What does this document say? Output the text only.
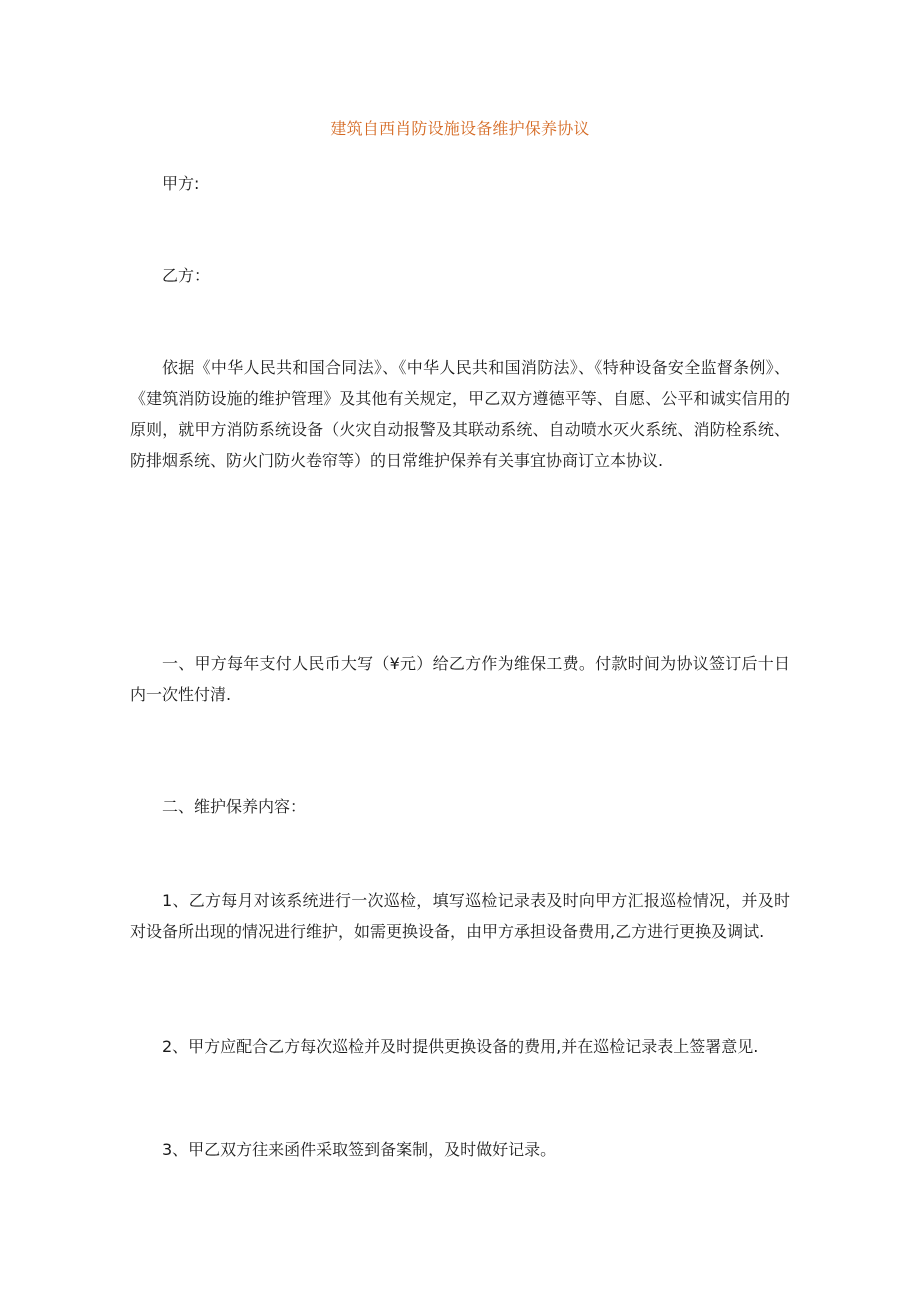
建筑自西肖防设施设备维护保养协议

甲方:

乙方：

依据《中华人民共和国合同法》、《中华人民共和国消防法》、《特种设备安全监督条例》、《建筑消防设施的维护管理》及其他有关规定，甲乙双方遵德平等、自愿、公平和诚实信用的原则，就甲方消防系统设备（火灾自动报警及其联动系统、自动喷水灭火系统、消防栓系统、防排烟系统、防火门防火卷帘等）的日常维护保养有关事宜协商订立本协议.

一、甲方每年支付人民币大写（¥元）给乙方作为维保工费。付款时间为协议签订后十日内一次性付清.

二、维护保养内容：

1、乙方每月对该系统进行一次巡检，填写巡检记录表及时向甲方汇报巡检情况，并及时对设备所出现的情况进行维护，如需更换设备，由甲方承担设备费用,乙方进行更换及调试.

2、甲方应配合乙方每次巡检并及时提供更换设备的费用,并在巡检记录表上签署意见.

3、甲乙双方往来函件采取签到备案制，及时做好记录。
